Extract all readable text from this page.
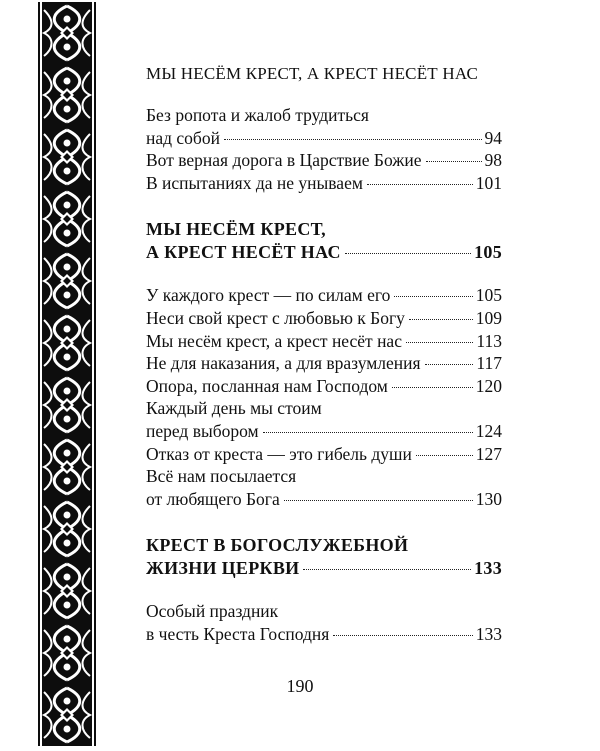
МЫ НЕСЁМ КРЕСТ, А КРЕСТ НЕСЁТ НАС

Без ропота и жалоб трудиться
над собой	94
Вот верная дорога в Царствие Божие	98
В испытаниях да не унываем	101
МЫ НЕСЁМ КРЕСТ,
А КРЕСТ НЕСЁТ НАС	105
У каждого крест — по силам его	105
Неси свой крест с любовью к Богу	109
Мы несём крест, а крест несёт нас	113
Не для наказания, а для вразумления	117
Опора, посланная нам Господом	120
Каждый день мы стоим
перед выбором	124
Отказ от креста — это гибель души	127
Всё нам посылается
от любящего Бога	130
КРЕСТ В БОГОСЛУЖЕБНОЙ
ЖИЗНИ ЦЕРКВИ	133
Особый праздник
в честь Креста Господня	133

190
